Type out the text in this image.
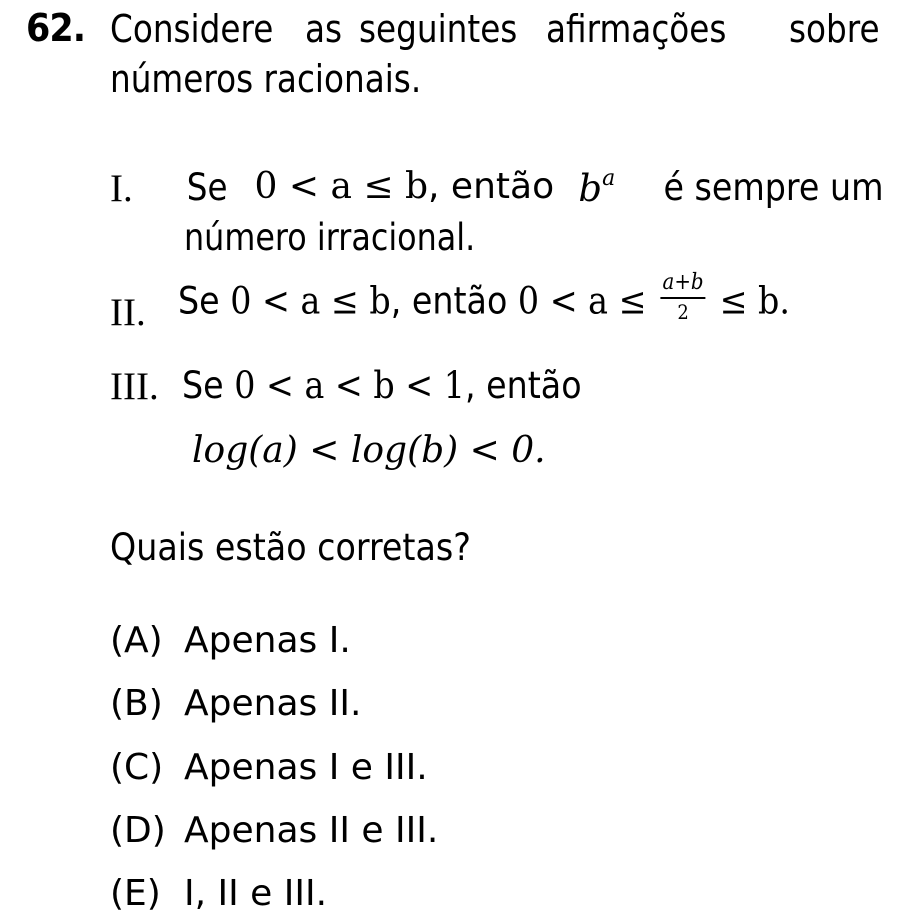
62. Considere as seguintes afirmações sobre
números racionais.
I. Se 0 < a ≤ b, então $b^a$ é sempre um
número irracional.
II. Se 0 < a ≤ b, então $0 < a \le \frac{a+b}{2} \le b$.
III. Se 0 < a < b < 1, então
log(a) < log(b) < 0.
Quais estão corretas?
(A) Apenas I.
(B) Apenas II.
(C) Apenas I e III.
(D) Apenas II e III.
(E) I, II e III.
